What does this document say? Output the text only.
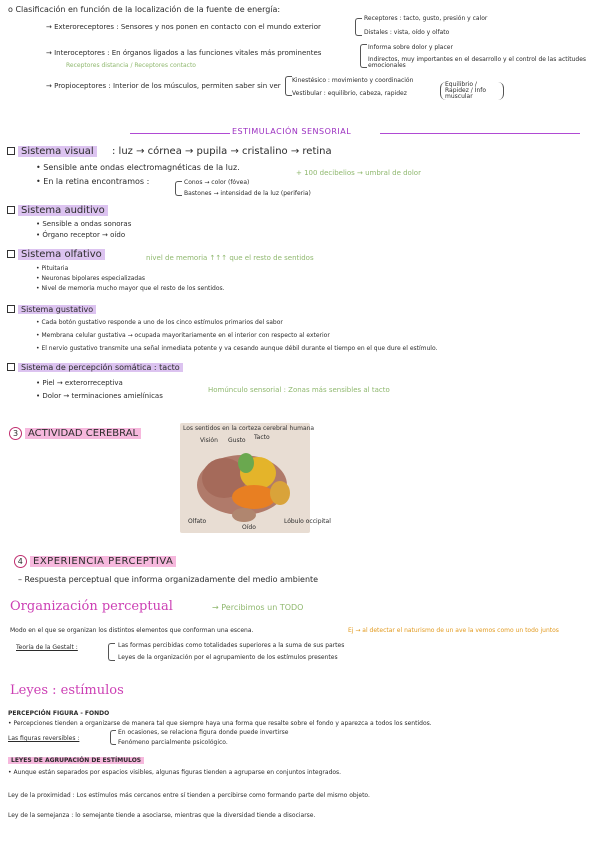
o Clasificación en función de la localización de la fuente de energía:
→ Exteroreceptores : Sensores y nos ponen en contacto con el mundo exterior
Receptores : tacto, gusto, presión y calor
Distales : vista, oído y olfato
→ Interoceptores : En órganos ligados a las funciones vitales más prominentes
Receptores distancia / Receptores contacto
Informa sobre dolor y placer
Indirectos, muy importantes en el desarrollo y el control de las actitudes emocionales
→ Propioceptores : Interior de los músculos, permiten saber sin ver
Kinestésico : movimiento y coordinación
Vestibular : equilibrio, cabeza, rapidez
Equilibrio / Rapidez / Info muscular
ESTIMULACIÓN SENSORIAL
Sistema visual	: luz → córnea → pupila → cristalino → retina
• Sensible ante ondas electromagnéticas de la luz.
+ 100 decibelios → umbral de dolor
• En la retina encontramos :	Conos → color (fóvea)
Bastones → intensidad de la luz (periferia)
Sistema auditivo
• Sensible a ondas sonoras
• Órgano receptor → oído
Sistema olfativo	nivel de memoria ↑↑↑ que el resto de sentidos
• Pituitaria
• Neuronas bipolares especializadas
• Nivel de memoria mucho mayor que el resto de los sentidos.
Sistema gustativo
• Cada botón gustativo responde a uno de los cinco estímulos primarios del sabor
• Membrana celular gustativa → ocupada mayoritariamente en el interior con respecto al exterior
• El nervio gustativo transmite una señal inmediata potente y va cesando aunque débil durante el tiempo en el que dure el estímulo.
Sistema de percepción somática : tacto
• Piel → exterorreceptiva
• Dolor → terminaciones amielínicas
Homúnculo sensorial : Zonas más sensibles al tacto
3 ACTIVIDAD CEREBRAL	Los sentidos en la corteza cerebral humana
Visión Gusto Tacto
Oído
Olfato	Lóbulo occipital
4 EXPERIENCIA PERCEPTIVA
– Respuesta perceptual que informa organizadamente del medio ambiente
Organización perceptual	→ Percibimos un TODO
Modo en el que se organizan los distintos elementos que conforman una escena.	Ej → al detectar el naturismo de un ave la vemos como un todo juntos
Teoría de la Gestalt :	Las formas percibidas como totalidades superiores a la suma de sus partes
Leyes de la organización por el agrupamiento de los estímulos presentes
Leyes : estímulos
PERCEPCIÓN FIGURA - FONDO
• Percepciones tienden a organizarse de manera tal que siempre haya una forma que resalte sobre el fondo y aparezca a todos los sentidos.
Las figuras reversibles :
En ocasiones, se relaciona figura donde puede invertirse
Fenómeno parcialmente psicológico.
LEYES DE AGRUPACIÓN DE ESTÍMULOS
• Aunque están separados por espacios visibles, algunas figuras tienden a agruparse en conjuntos integrados.
Ley de la proximidad : Los estímulos más cercanos entre sí tienden a percibirse como formando parte del mismo objeto.
Ley de la semejanza : lo semejante tiende a asociarse, mientras que la diversidad tiende a disociarse.
